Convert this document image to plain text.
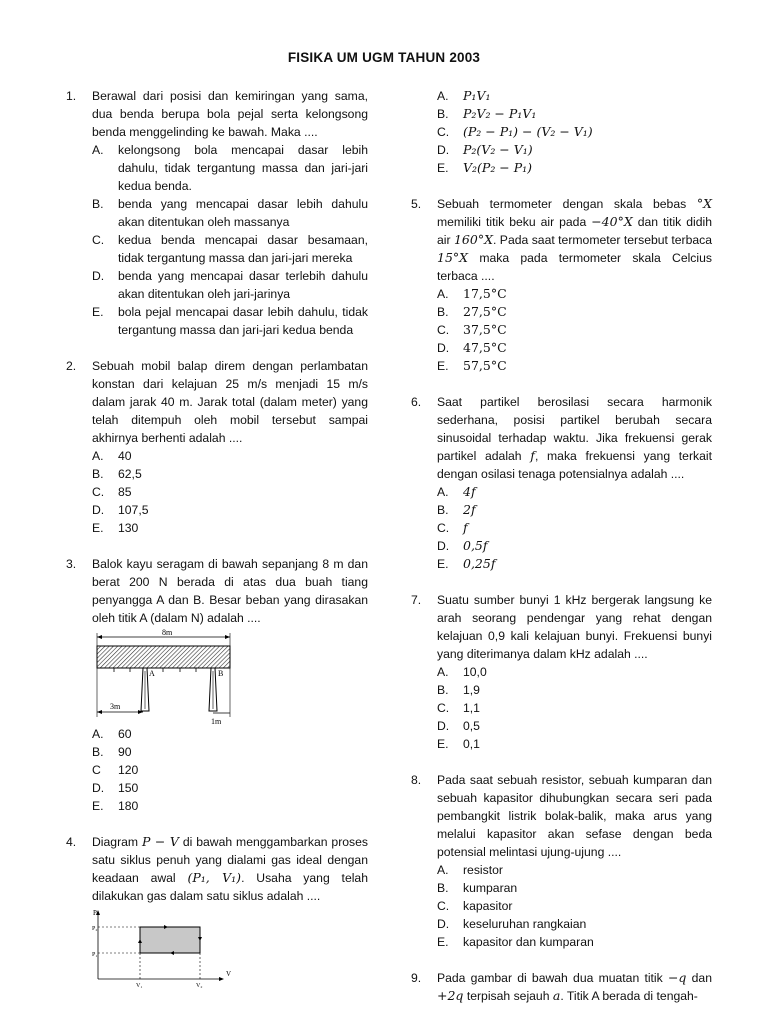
FISIKA UM UGM TAHUN 2003
1. Berawal dari posisi dan kemiringan yang sama, dua benda berupa bola pejal serta kelongsong benda menggelinding ke bawah. Maka ....
A. kelongsong bola mencapai dasar lebih dahulu, tidak tergantung massa dan jari-jari kedua benda.
B. benda yang mencapai dasar lebih dahulu akan ditentukan oleh massanya
C. kedua benda mencapai dasar besamaan, tidak tergantung massa dan jari-jari mereka
D. benda yang mencapai dasar terlebih dahulu akan ditentukan oleh jari-jarinya
E. bola pejal mencapai dasar lebih dahulu, tidak tergantung massa dan jari-jari kedua benda
2. Sebuah mobil balap direm dengan perlambatan konstan dari kelajuan 25 m/s menjadi 15 m/s dalam jarak 40 m. Jarak total (dalam meter) yang telah ditempuh oleh mobil tersebut sampai akhirnya berhenti adalah ....
A. 40
B. 62,5
C. 85
D. 107,5
E. 130
3. Balok kayu seragam di bawah sepanjang 8 m dan berat 200 N berada di atas dua buah tiang penyangga A dan B. Besar beban yang dirasakan oleh titik A (dalam N) adalah ....
8m
A	B
3m
1m
A. 60
B. 90
C 120
D. 150
E. 180
4. Diagram P − V di bawah menggambarkan proses satu siklus penuh yang dialami gas ideal dengan keadaan awal (P₁, V₁). Usaha yang telah dilakukan gas dalam satu siklus adalah ....
P
V
P₂
P₁
V₁	V₂
A. P₁V₁
B. P₂V₂ − P₁V₁
C. (P₂ − P₁) − (V₂ − V₁)
D. P₂(V₂ − V₁)
E. V₂(P₂ − P₁)
5. Sebuah termometer dengan skala bebas °X memiliki titik beku air pada −40°X dan titik didih air 160°X. Pada saat termometer tersebut terbaca 15°X maka pada termometer skala Celcius terbaca ....
A. 17,5°C
B. 27,5°C
C. 37,5°C
D. 47,5°C
E. 57,5°C
6. Saat partikel berosilasi secara harmonik sederhana, posisi partikel berubah secara sinusoidal terhadap waktu. Jika frekuensi gerak partikel adalah f, maka frekuensi yang terkait dengan osilasi tenaga potensialnya adalah ....
A. 4f
B. 2f
C. f
D. 0,5f
E. 0,25f
7. Suatu sumber bunyi 1 kHz bergerak langsung ke arah seorang pendengar yang rehat dengan kelajuan 0,9 kali kelajuan bunyi. Frekuensi bunyi yang diterimanya dalam kHz adalah ....
A. 10,0
B. 1,9
C. 1,1
D. 0,5
E. 0,1
8. Pada saat sebuah resistor, sebuah kumparan dan sebuah kapasitor dihubungkan secara seri pada pembangkit listrik bolak-balik, maka arus yang melalui kapasitor akan sefase dengan beda potensial melintasi ujung-ujung ....
A. resistor
B. kumparan
C. kapasitor
D. keseluruhan rangkaian
E. kapasitor dan kumparan
9. Pada gambar di bawah dua muatan titik −q dan +2q terpisah sejauh a. Titik A berada di tengah-
